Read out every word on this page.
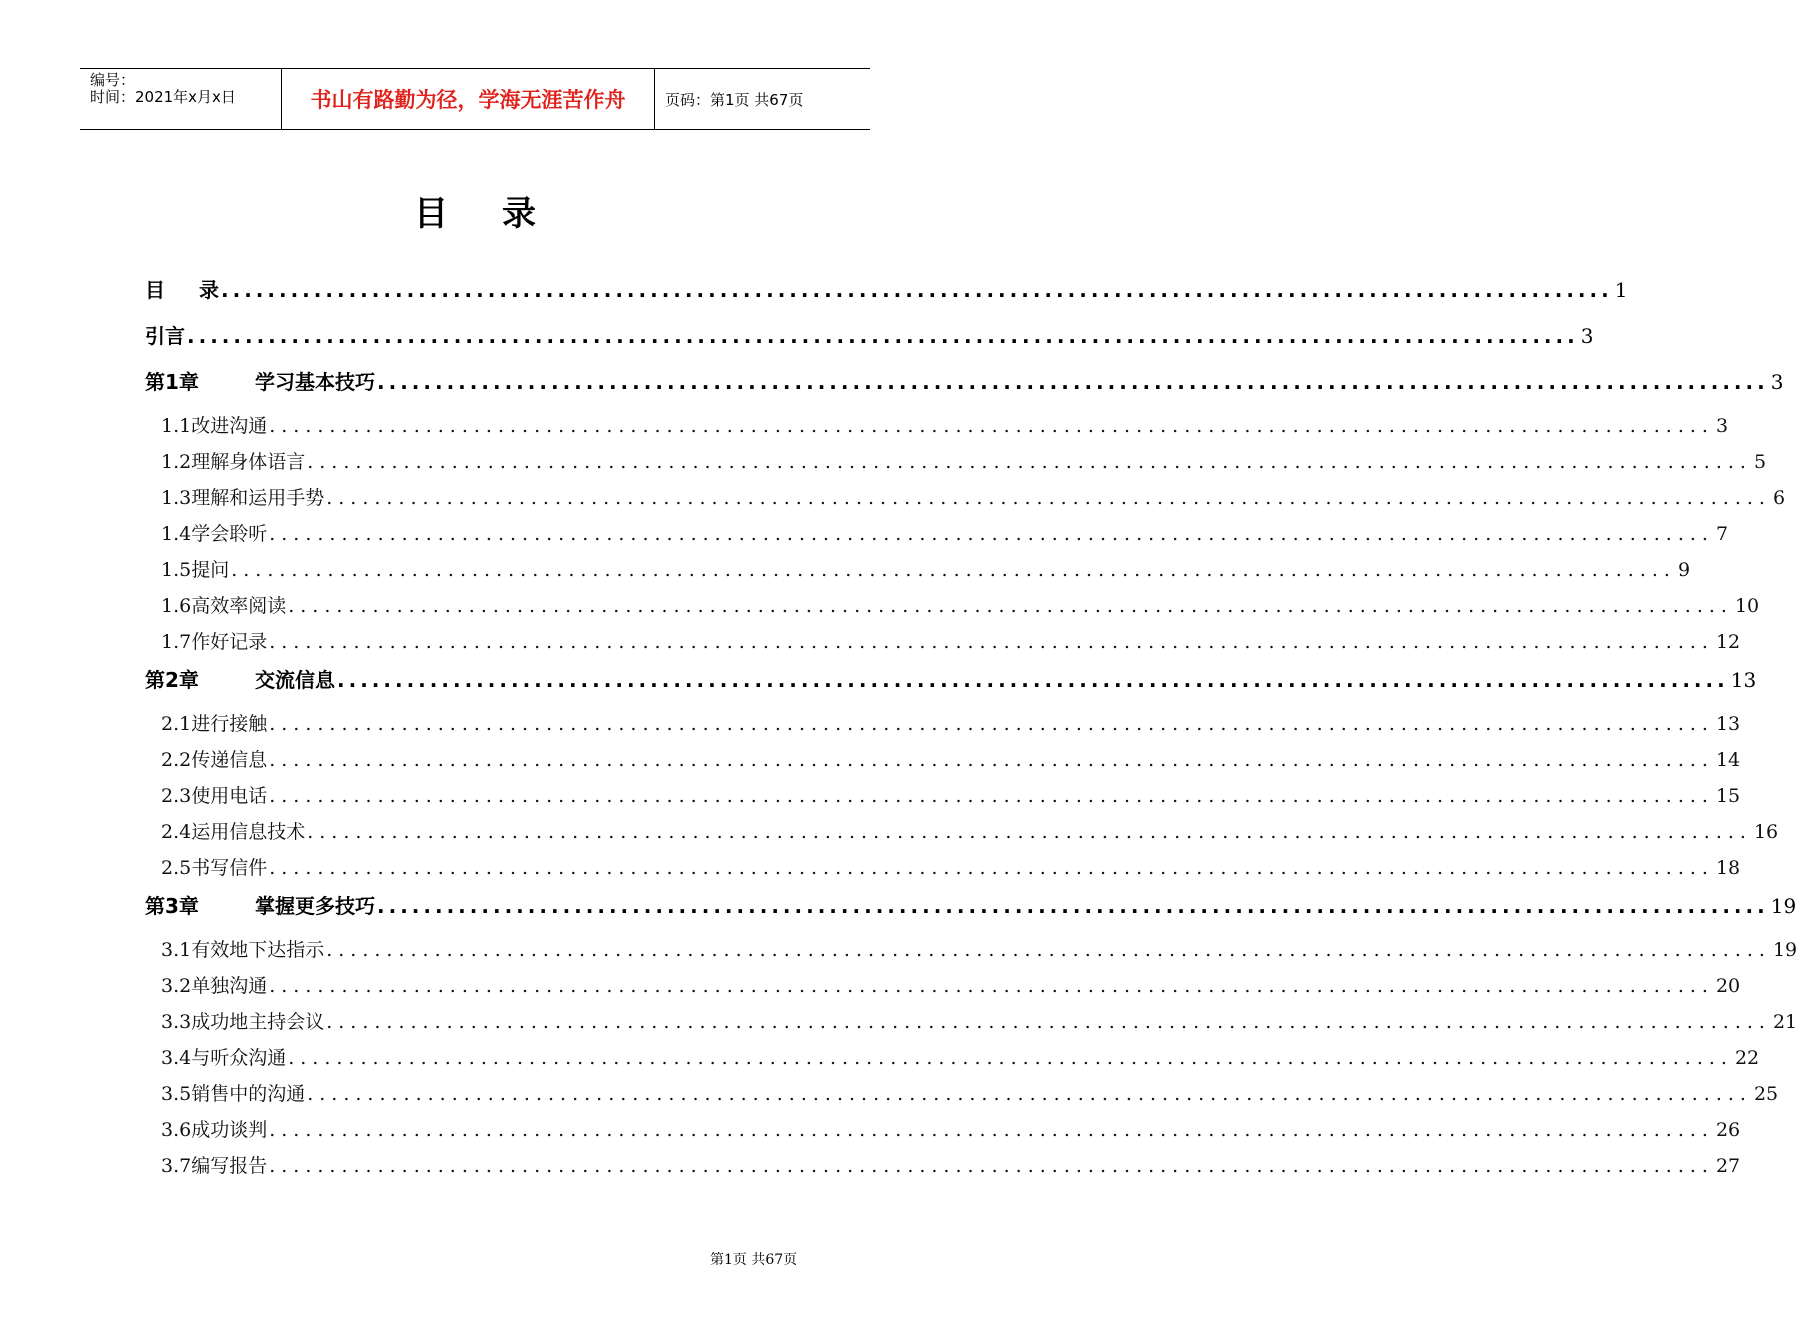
编号：
时间：2021年x月x日	书山有路勤为径，学海无涯苦作舟	页码：第1页 共67页
目 录
目 录 ........................................................................................................................ 1
引言 ........................................................................................................................ 3
第1章	学习基本技巧 ........................................................................................................................ 3
1.1改进沟通 ........................................................................................................................ 3
1.2理解身体语言 ........................................................................................................................ 5
1.3理解和运用手势 ........................................................................................................................ 6
1.4学会聆听 ........................................................................................................................ 7
1.5提问 ........................................................................................................................ 9
1.6高效率阅读 ........................................................................................................................ 10
1.7作好记录 ........................................................................................................................ 12
第2章	交流信息 ........................................................................................................................ 13
2.1进行接触 ........................................................................................................................ 13
2.2传递信息 ........................................................................................................................ 14
2.3使用电话 ........................................................................................................................ 15
2.4运用信息技术 ........................................................................................................................ 16
2.5书写信件 ........................................................................................................................ 18
第3章	掌握更多技巧 ........................................................................................................................ 19
3.1有效地下达指示 ........................................................................................................................ 19
3.2单独沟通 ........................................................................................................................ 20
3.3成功地主持会议 ........................................................................................................................ 21
3.4与听众沟通 ........................................................................................................................ 22
3.5销售中的沟通 ........................................................................................................................ 25
3.6成功谈判 ........................................................................................................................ 26
3.7编写报告 ........................................................................................................................ 27
第1页 共67页
